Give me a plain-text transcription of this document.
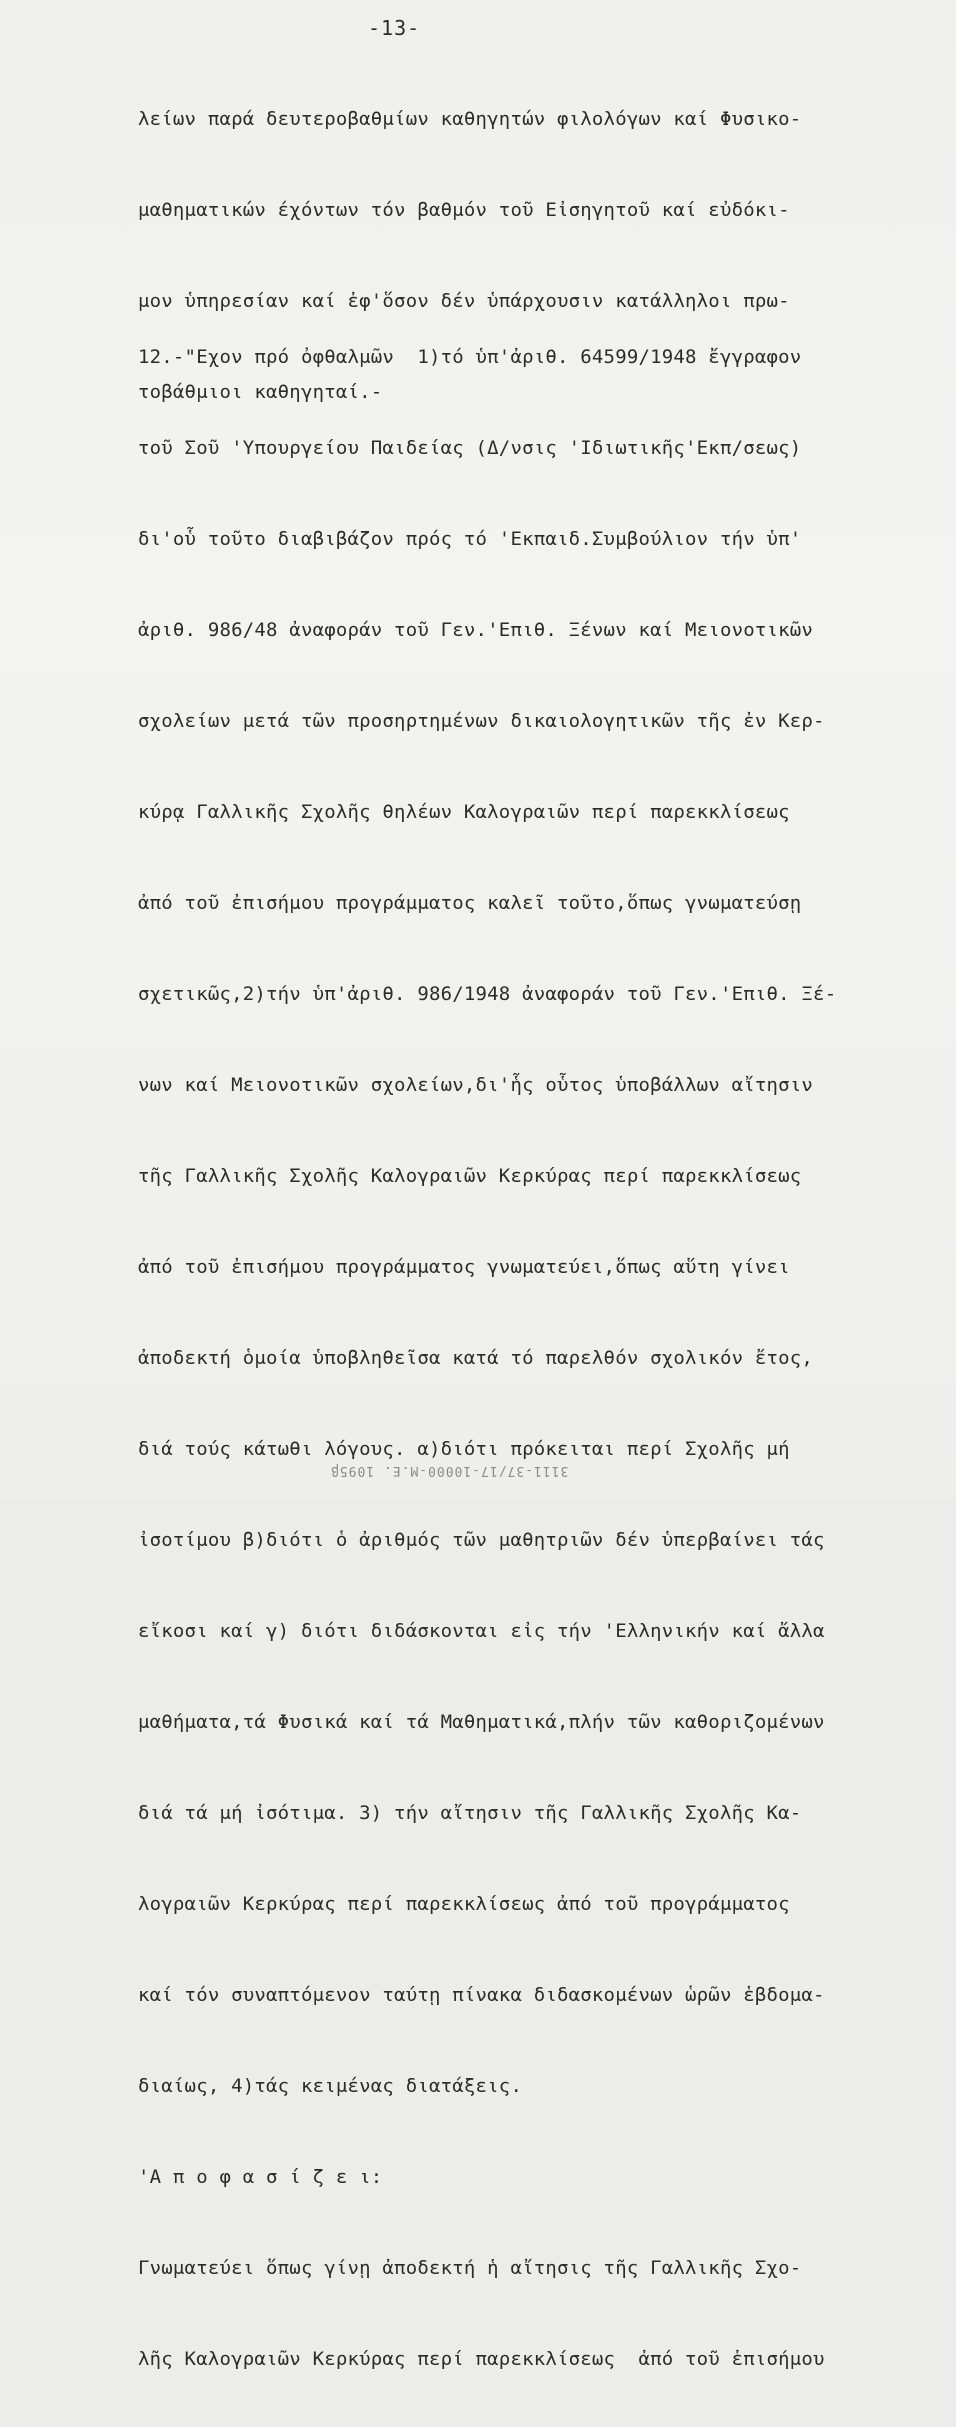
-13-

λείων παρά δευτεροβαθμίων καθηγητών φιλολόγων καί Φυσικο-

μαθηματικών έχόντων τόν βαθμόν τοῦ Εἰσηγητοῦ καί εὐδόκι-

μον ὑπηρεσίαν καί ἐφ'ὅσον δέν ὑπάρχουσιν κατάλληλοι πρω-

τοβάθμιοι καθηγηταί.-

12.-"Εχον πρό ὀφθαλμῶν  1)τό ὑπ'ἀριθ. 64599/1948 ἔγγραφον

τοῦ Σοῦ 'Υπουργείου Παιδείας (Δ/νσις 'Ιδιωτικῆς'Εκπ/σεως)

δι'οὗ τοῦτο διαβιβάζον πρός τό 'Εκπαιδ.Συμβούλιον τήν ὑπ'

ἀριθ. 986/48 ἀναφοράν τοῦ Γεν.'Επιθ. Ξένων καί Μειονοτικῶν

σχολείων μετά τῶν προσηρτημένων δικαιολογητικῶν τῆς ἐν Κερ-

κύρᾳ Γαλλικῆς Σχολῆς θηλέων Καλογραιῶν περί παρεκκλίσεως

ἀπό τοῦ ἐπισήμου προγράμματος καλεῖ τοῦτο,ὅπως γνωματεύσῃ

σχετικῶς,2)τήν ὑπ'ἀριθ. 986/1948 ἀναφοράν τοῦ Γεν.'Επιθ. Ξέ-

νων καί Μειονοτικῶν σχολείων,δι'ἧς οὗτος ὑποβάλλων αἴτησιν

τῆς Γαλλικῆς Σχολῆς Καλογραιῶν Κερκύρας περί παρεκκλίσεως

ἀπό τοῦ ἐπισήμου προγράμματος γνωματεύει,ὅπως αὕτη γίνει

ἀποδεκτή ὁμοία ὑποβληθεῖσα κατά τό παρελθόν σχολικόν ἔτος,

διά τούς κάτωθι λόγους. α)διότι πρόκειται περί Σχολῆς μή

ἰσοτίμου β)διότι ὁ ἀριθμός τῶν μαθητριῶν δέν ὑπερβαίνει τάς

εἴκοσι καί γ) διότι διδάσκονται εἰς τήν 'Ελληνικήν καί ἄλλα

μαθήματα,τά Φυσικά καί τά Μαθηματικά,πλήν τῶν καθοριζομένων

διά τά μή ἰσότιμα. 3) τήν αἴτησιν τῆς Γαλλικῆς Σχολῆς Κα-

λογραιῶν Κερκύρας περί παρεκκλίσεως ἀπό τοῦ προγράμματος

καί τόν συναπτόμενον ταύτῃ πίνακα διδασκομένων ὡρῶν ἑβδομα-

διαίως, 4)τάς κειμένας διατάξεις.

'Α π ο φ α σ ί ζ ε ι:

Γνωματεύει ὅπως γίνῃ ἀποδεκτή ἡ αἴτησις τῆς Γαλλικῆς Σχο-

λῆς Καλογραιῶν Κερκύρας περί παρεκκλίσεως  ἀπό τοῦ ἐπισήμου

3111-37/17-10000-Μ.Ε. 1095β
